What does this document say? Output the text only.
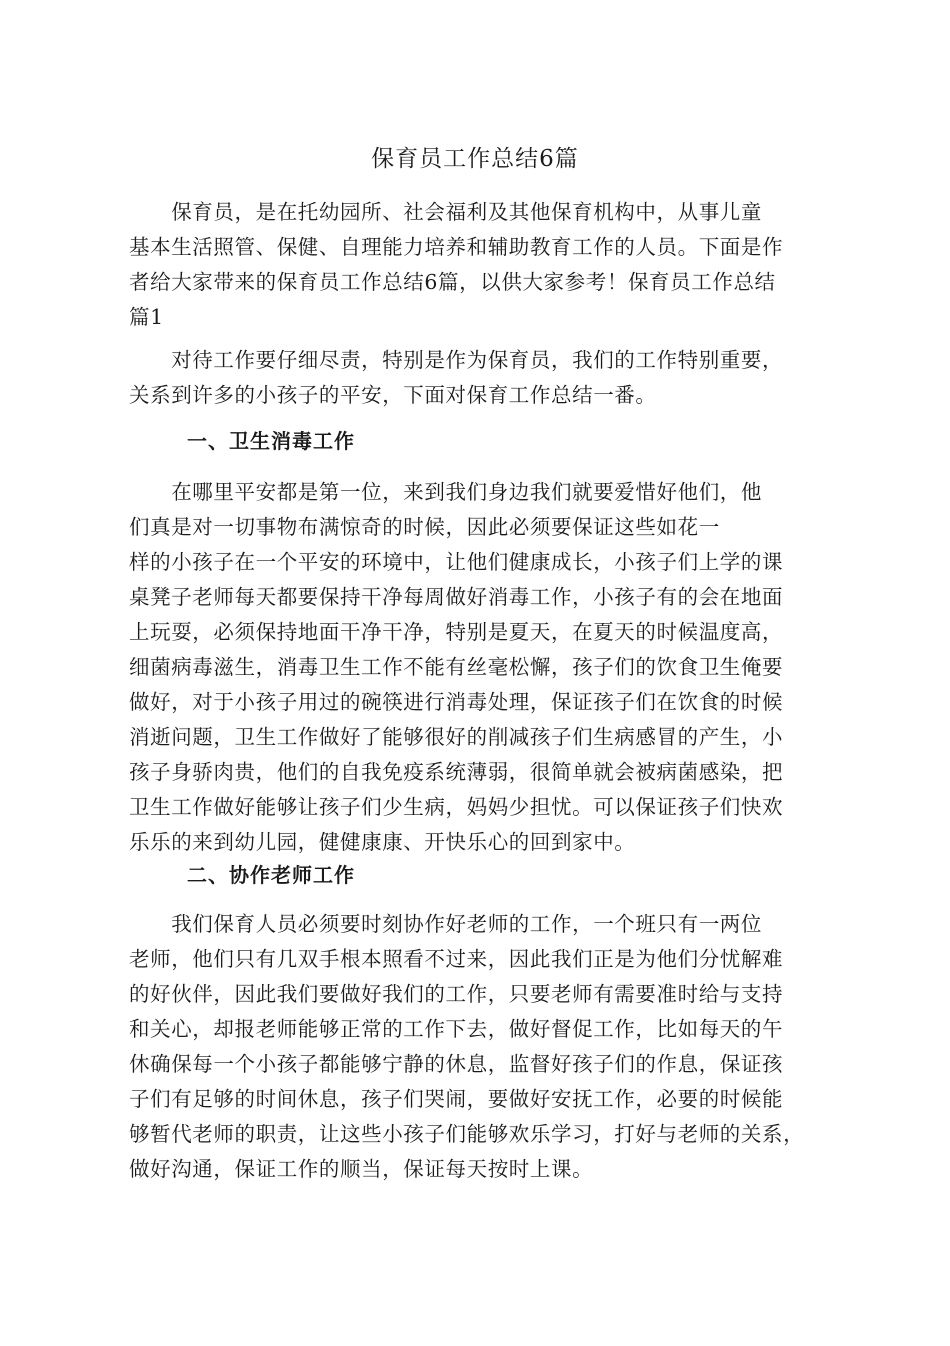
保育员工作总结6篇
　　保育员，是在托幼园所、社会福利及其他保育机构中，从事儿童
基本生活照管、保健、自理能力培养和辅助教育工作的人员。下面是作
者给大家带来的保育员工作总结6篇，以供大家参考！保育员工作总结
篇1
　　对待工作要仔细尽责，特别是作为保育员，我们的工作特别重要，
关系到许多的小孩子的平安，下面对保育工作总结一番。
一、卫生消毒工作
　　在哪里平安都是第一位，来到我们身边我们就要爱惜好他们，他
们真是对一切事物布满惊奇的时候，因此必须要保证这些如花一
样的小孩子在一个平安的环境中，让他们健康成长，小孩子们上学的课
桌凳子老师每天都要保持干净每周做好消毒工作，小孩子有的会在地面
上玩耍，必须保持地面干净干净，特别是夏天，在夏天的时候温度高，
细菌病毒滋生，消毒卫生工作不能有丝毫松懈，孩子们的饮食卫生俺要
做好，对于小孩子用过的碗筷进行消毒处理，保证孩子们在饮食的时候
消逝问题，卫生工作做好了能够很好的削减孩子们生病感冒的产生，小
孩子身骄肉贵，他们的自我免疫系统薄弱，很简单就会被病菌感染，把
卫生工作做好能够让孩子们少生病，妈妈少担忧。可以保证孩子们快欢
乐乐的来到幼儿园，健健康康、开快乐心的回到家中。
二、协作老师工作
　　我们保育人员必须要时刻协作好老师的工作，一个班只有一两位
老师，他们只有几双手根本照看不过来，因此我们正是为他们分忧解难
的好伙伴，因此我们要做好我们的工作，只要老师有需要准时给与支持
和关心，却报老师能够正常的工作下去，做好督促工作，比如每天的午
休确保每一个小孩子都能够宁静的休息，监督好孩子们的作息，保证孩
子们有足够的时间休息，孩子们哭闹，要做好安抚工作，必要的时候能
够暂代老师的职责，让这些小孩子们能够欢乐学习，打好与老师的关系，
做好沟通，保证工作的顺当，保证每天按时上课。
